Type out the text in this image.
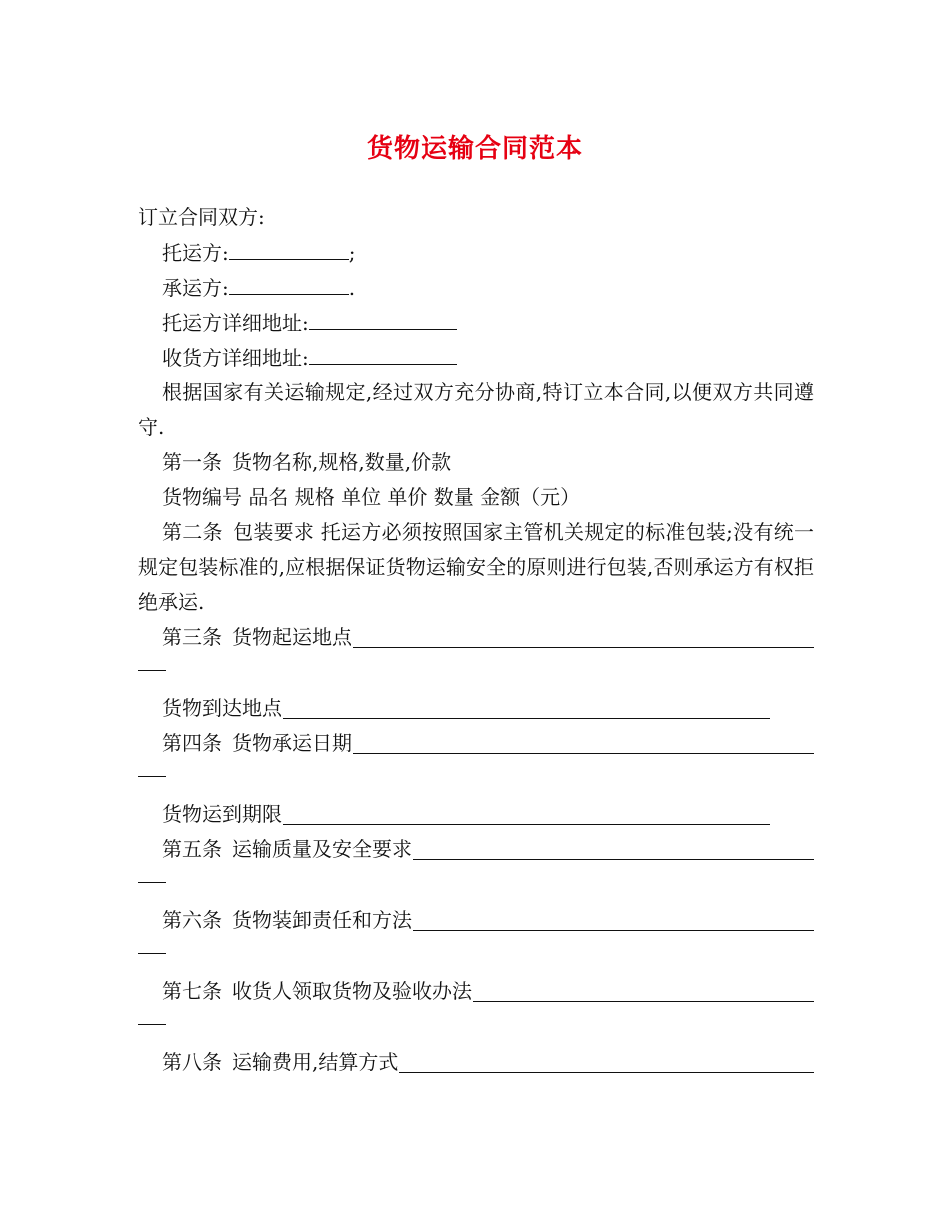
货物运输合同范本
订立合同双方:
托运方:	;
承运方:	.
托运方详细地址:
收货方详细地址:
根据国家有关运输规定,经过双方充分协商,特订立本合同,以便双方共同遵守.
第一条 货物名称,规格,数量,价款
货物编号 品名 规格 单位 单价 数量 金额（元）
第二条 包装要求 托运方必须按照国家主管机关规定的标准包装;没有统一规定包装标准的,应根据保证货物运输安全的原则进行包装,否则承运方有权拒绝承运.
第三条 货物起运地点
货物到达地点
第四条 货物承运日期
货物运到期限
第五条 运输质量及安全要求
第六条 货物装卸责任和方法
第七条 收货人领取货物及验收办法
第八条 运输费用,结算方式
